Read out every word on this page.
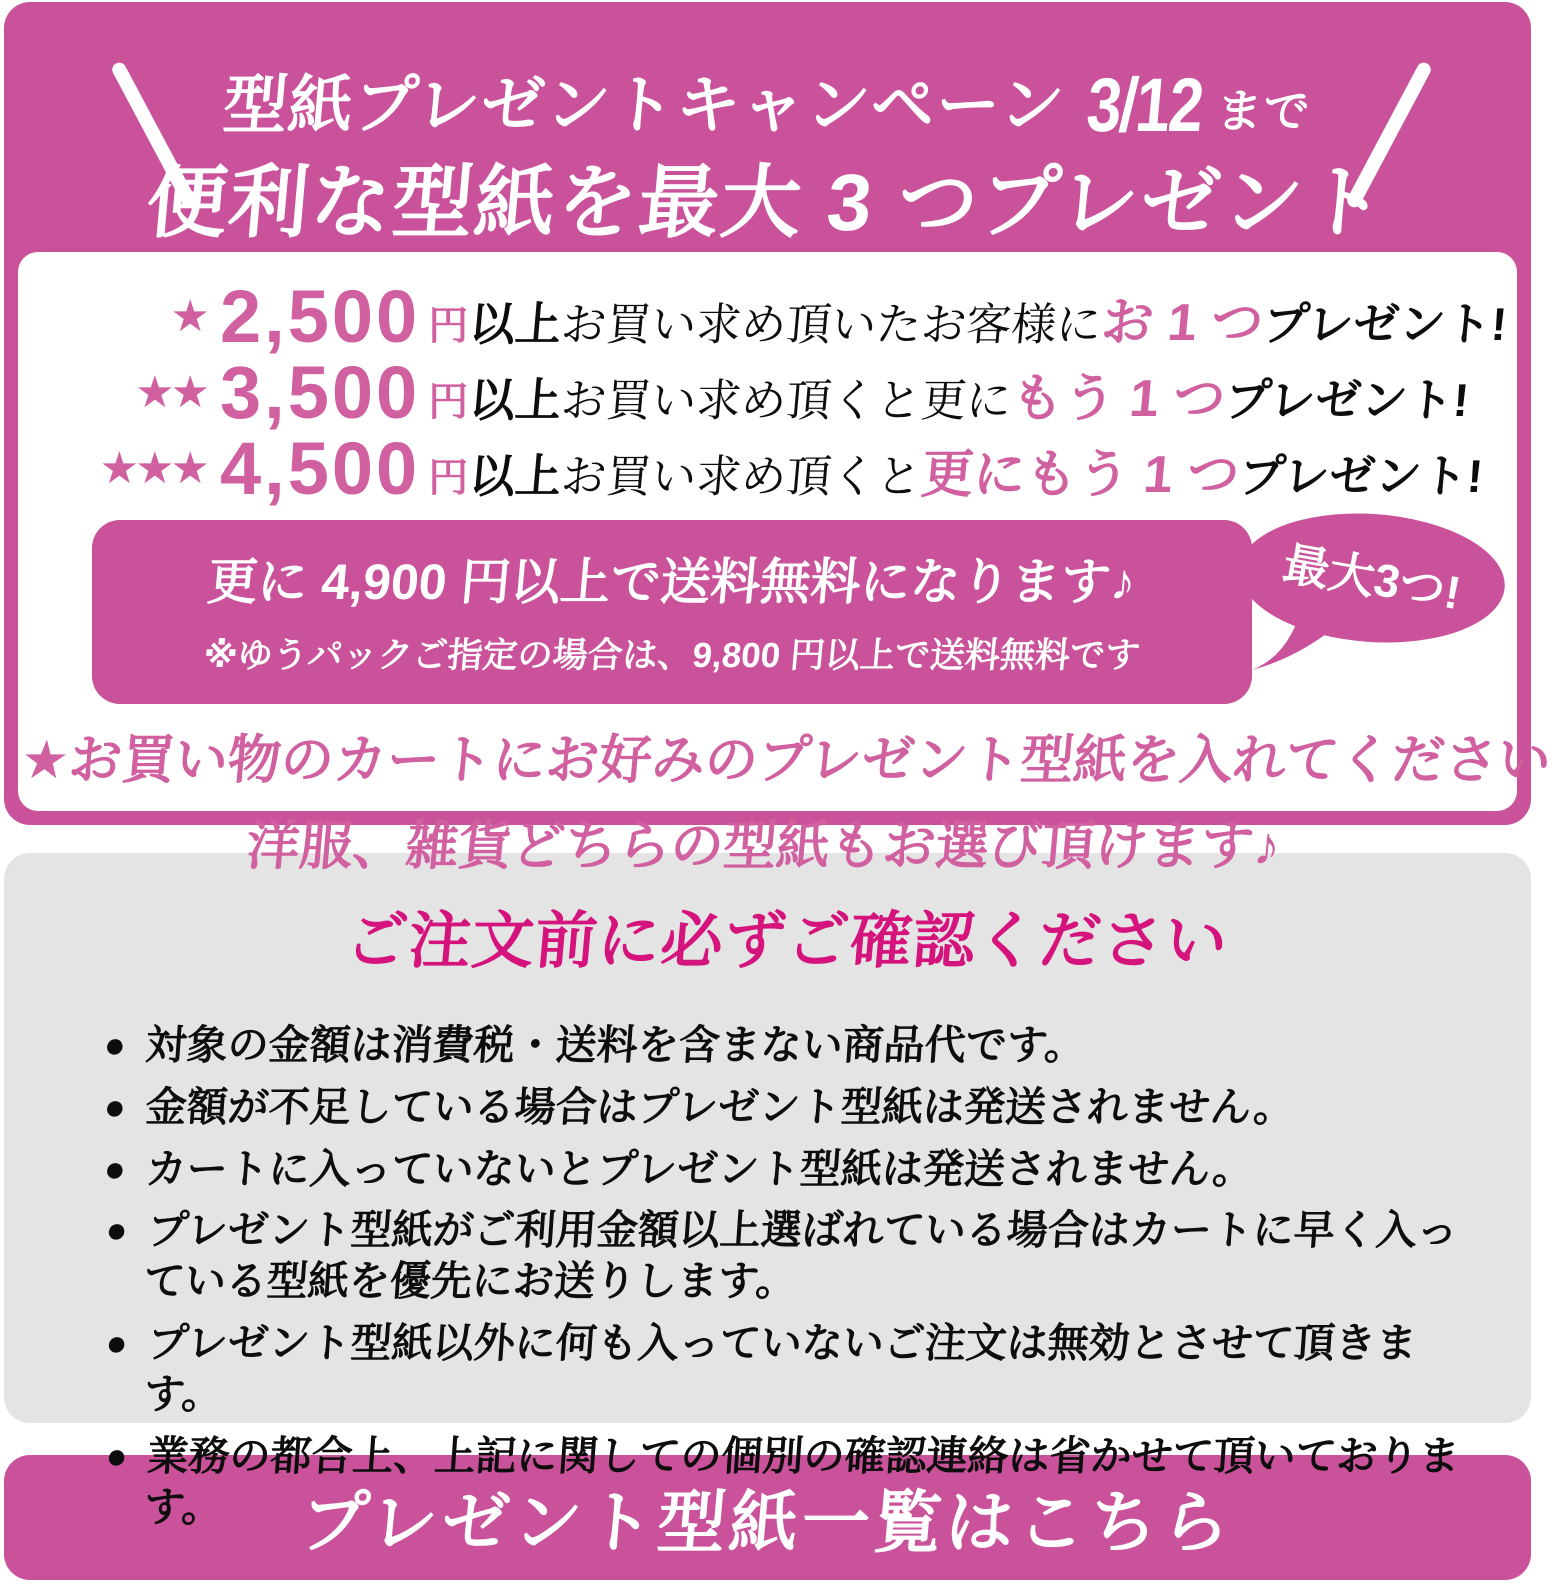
型紙プレゼントキャンペーン 3/12 まで
便利な型紙を最大 3 つプレゼント
★ 2,500 円 以上
お買い求め頂いたお客様に
お 1 つ
プレゼント!
★★ 3,500 円 以上
お買い求め頂くと更に
もう 1 つ
プレゼント!
★★★ 4,500 円 以上
お買い求め頂くと
更にもう 1 つ
プレゼント!
更に 4,900 円以上で送料無料になります♪
※ゆうパックご指定の場合は、9,800 円以上で送料無料です
最大3つ!
★お買い物のカートにお好みのプレゼント型紙を入れてください
洋服、雑貨どちらの型紙もお選び頂けます♪
ご注文前に必ずご確認ください
● 対象の金額は消費税・送料を含まない商品代です。
● 金額が不足している場合はプレゼント型紙は発送されません。
● カートに入っていないとプレゼント型紙は発送されません。
● プレゼント型紙がご利用金額以上選ばれている場合はカートに早く入っている型紙を優先にお送りします。
● プレゼント型紙以外に何も入っていないご注文は無効とさせて頂きます。
● 業務の都合上、上記に関しての個別の確認連絡は省かせて頂いております。	プレゼント型紙一覧はこちら
